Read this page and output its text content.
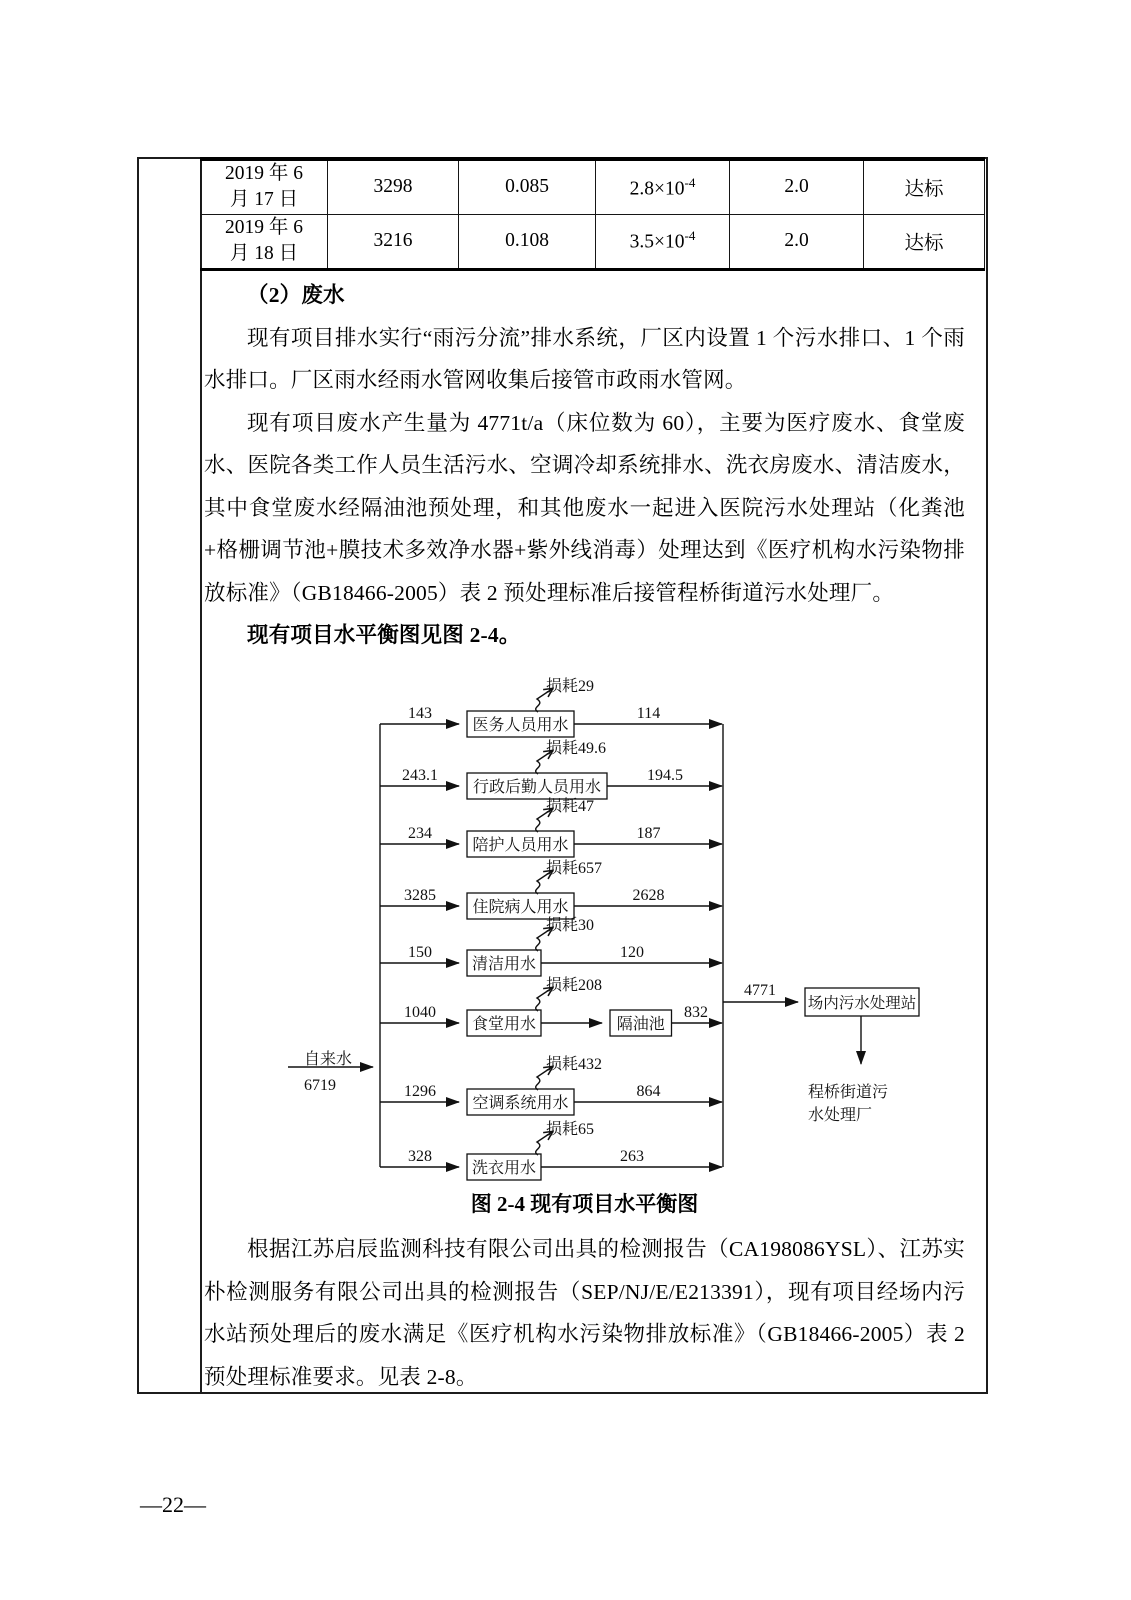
2019 年 6
月 17 日	3298	0.085	$2.8\times 10^{-4}$	2.0	达标
2019 年 6
月 18 日	3216	0.108	$3.5\times 10^{-4}$	2.0	达标

（2）废水

现有项目排水实行“雨污分流”排水系统，厂区内设置 1 个污水排口、1 个雨水排口。厂区雨水经雨水管网收集后接管市政雨水管网。

现有项目废水产生量为 4771t/a（床位数为 60），主要为医疗废水、食堂废水、医院各类工作人员生活污水、空调冷却系统排水、洗衣房废水、清洁废水，其中食堂废水经隔油池预处理，和其他废水一起进入医院污水处理站（化粪池+格栅调节池+膜技术多效净水器+紫外线消毒）处理达到《医疗机构水污染物排放标准》（GB18466-2005）表 2 预处理标准后接管程桥街道污水处理厂。

现有项目水平衡图见图 2-4。

自来水
6719
143
医务人员用水
损耗29
114
243.1
行政后勤人员用水
损耗49.6
194.5
234
陪护人员用水
损耗47
187
3285
住院病人用水
损耗657
2628
150
清洁用水
损耗30
120
1040
食堂用水
损耗208
隔油池
832
1296
空调系统用水
损耗432
864
328
洗衣用水
损耗65
263
4771
场内污水处理站
程桥街道污
水处理厂
图 2-4 现有项目水平衡图

根据江苏启辰监测科技有限公司出具的检测报告（CA198086YSL）、江苏实朴检测服务有限公司出具的检测报告（SEP/NJ/E/E213391），现有项目经场内污水站预处理后的废水满足《医疗机构水污染物排放标准》（GB18466-2005）表 2 预处理标准要求。见表 2-8。

—22—
